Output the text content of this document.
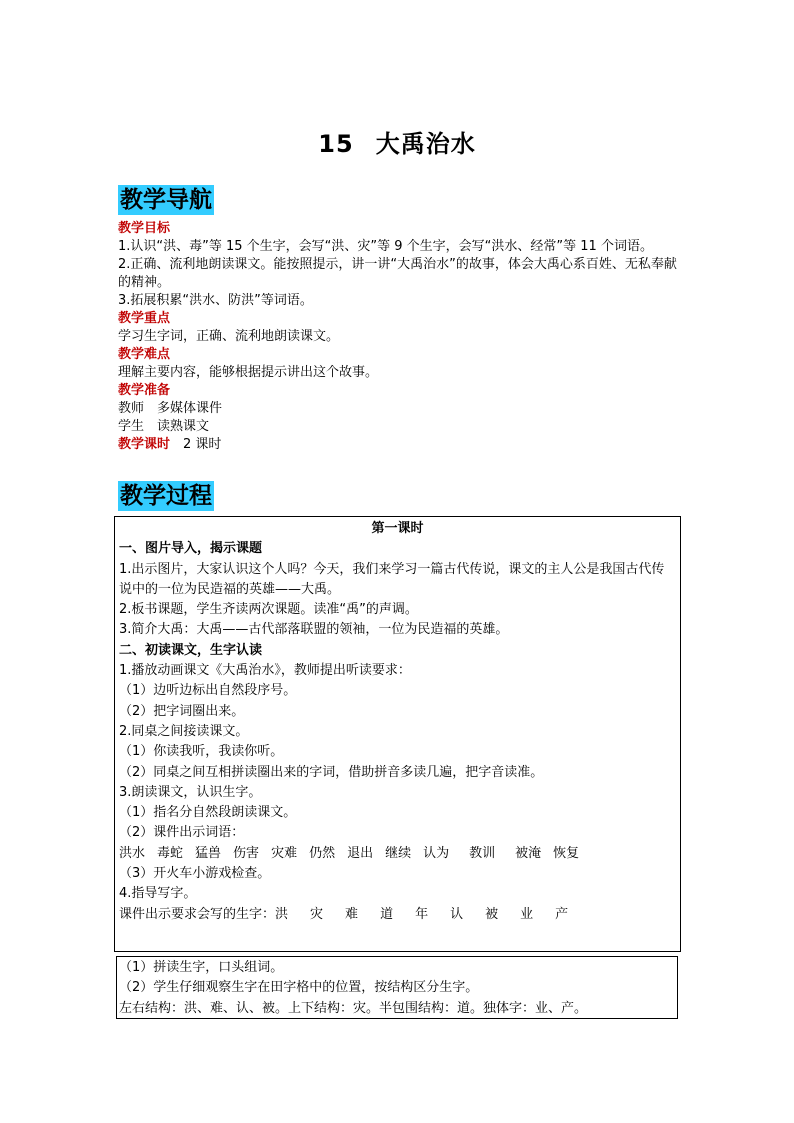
15 大禹治水
教学导航

教学目标

1.认识“洪、毒”等 15 个生字，会写“洪、灾”等 9 个生字，会写“洪水、经常”等 11 个词语。

2.正确、流利地朗读课文。能按照提示，讲一讲“大禹治水”的故事，体会大禹心系百姓、无私奉献的精神。

3.拓展积累“洪水、防洪”等词语。

教学重点

学习生字词，正确、流利地朗读课文。

教学难点

理解主要内容，能够根据提示讲出这个故事。

教学准备

教师　多媒体课件

学生　读熟课文

教学课时　2 课时

教学过程

第一课时

一、图片导入，揭示课题

1.出示图片，大家认识这个人吗？今天，我们来学习一篇古代传说，课文的主人公是我国古代传说中的一位为民造福的英雄——大禹。

2.板书课题，学生齐读两次课题。读准“禹”的声调。

3.简介大禹：大禹——古代部落联盟的领袖，一位为民造福的英雄。

二、初读课文，生字认读

1.播放动画课文《大禹治水》，教师提出听读要求：

（1）边听边标出自然段序号。

（2）把字词圈出来。

2.同桌之间接读课文。

（1）你读我听，我读你听。

（2）同桌之间互相拼读圈出来的字词，借助拼音多读几遍，把字音读准。

3.朗读课文，认识生字。

（1）指名分自然段朗读课文。

（2）课件出示词语：

洪水 毒蛇 猛兽 伤害 灾难 仍然 退出 继续 认为 教训 被淹 恢复

（3）开火车小游戏检查。

4.指导写字。

课件出示要求会写的生字：洪 灾 难 道 年 认 被 业 产

（1）拼读生字，口头组词。

（2）学生仔细观察生字在田字格中的位置，按结构区分生字。

左右结构：洪、难、认、被。上下结构：灾。半包围结构：道。独体字：业、产。
